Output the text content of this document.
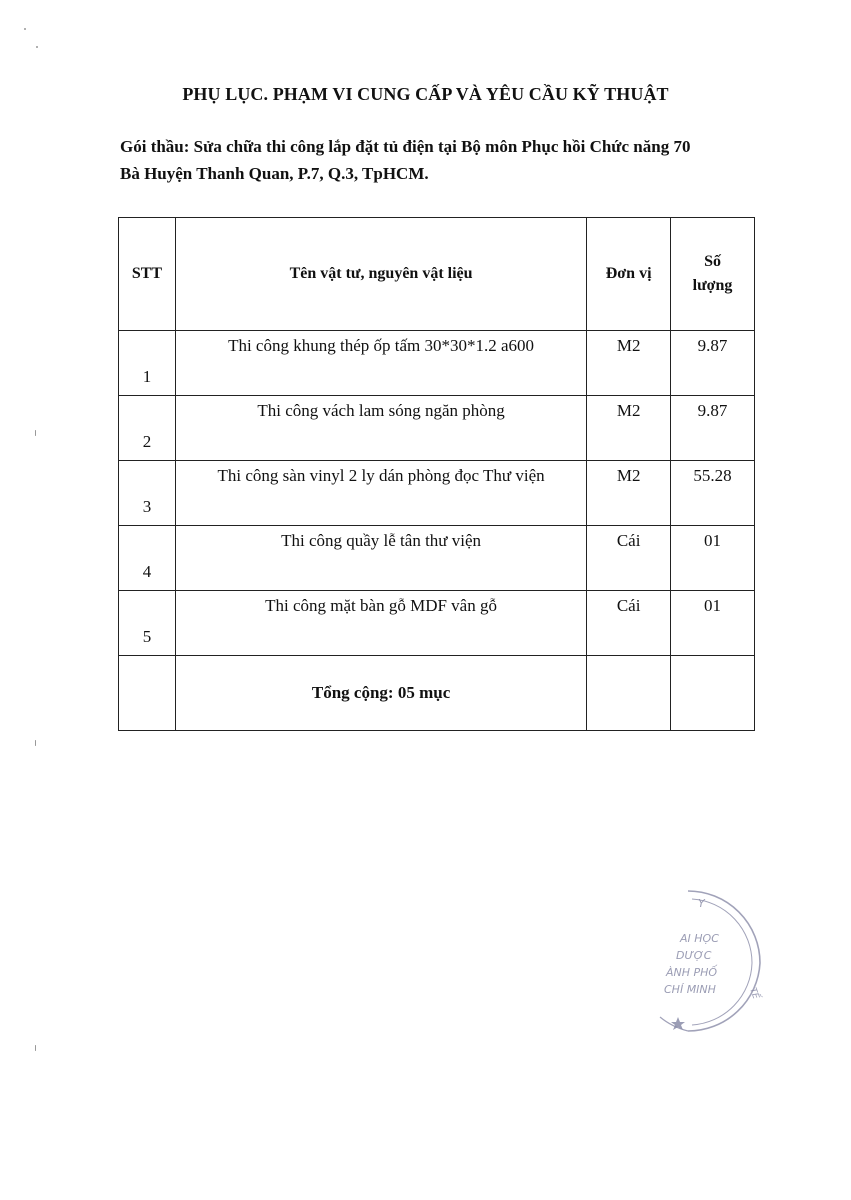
PHỤ LỤC. PHẠM VI CUNG CẤP VÀ YÊU CẦU KỸ THUẬT
Gói thầu: Sửa chữa thi công lắp đặt tủ điện tại Bộ môn Phục hồi Chức năng 70
Bà Huyện Thanh Quan, P.7, Q.3, TpHCM.
STT	Tên vật tư, nguyên vật liệu	Đơn vị	Số
lượng

1	Thi công khung thép ốp tấm 30*30*1.2 a600	M2	9.87
2	Thi công vách lam sóng ngăn phòng	M2	9.87
3	Thi công sàn vinyl 2 ly dán phòng đọc Thư viện	M2	55.28
4	Thi công quầy lễ tân thư viện	Cái	01
5	Thi công mặt bàn gỗ MDF vân gỗ	Cái	01
	Tổng cộng: 05 mục		
Y
AI HỌC
DƯỢC
ÀNH PHỐ
CHÍ MINH	TẾ
